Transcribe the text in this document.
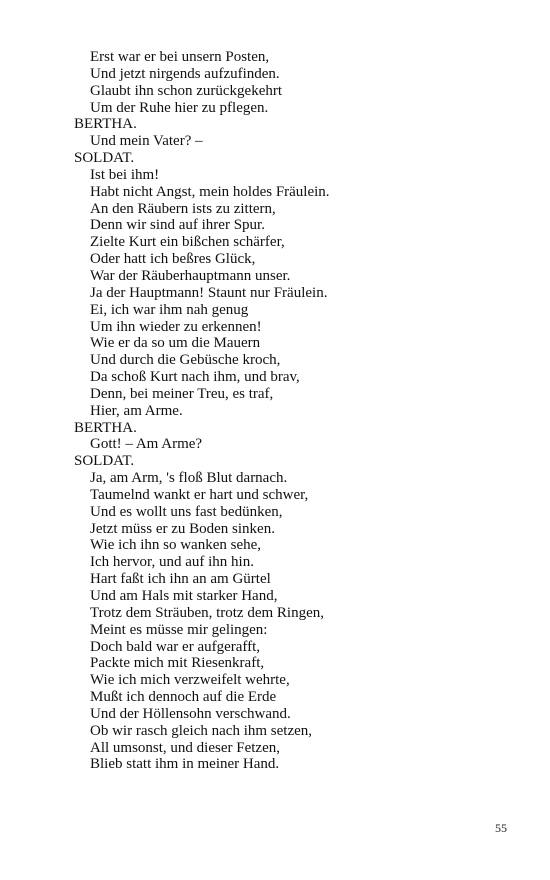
Erst war er bei unsern Posten,
Und jetzt nirgends aufzufinden.
Glaubt ihn schon zurückgekehrt
Um der Ruhe hier zu pflegen.
BERTHA.
Und mein Vater? –
SOLDAT.
Ist bei ihm!
Habt nicht Angst, mein holdes Fräulein.
An den Räubern ists zu zittern,
Denn wir sind auf ihrer Spur.
Zielte Kurt ein bißchen schärfer,
Oder hatt ich beßres Glück,
War der Räuberhauptmann unser.
Ja der Hauptmann! Staunt nur Fräulein.
Ei, ich war ihm nah genug
Um ihn wieder zu erkennen!
Wie er da so um die Mauern
Und durch die Gebüsche kroch,
Da schoß Kurt nach ihm, und brav,
Denn, bei meiner Treu, es traf,
Hier, am Arme.
BERTHA.
Gott! – Am Arme?
SOLDAT.
Ja, am Arm, 's floß Blut darnach.
Taumelnd wankt er hart und schwer,
Und es wollt uns fast bedünken,
Jetzt müss er zu Boden sinken.
Wie ich ihn so wanken sehe,
Ich hervor, und auf ihn hin.
Hart faßt ich ihn an am Gürtel
Und am Hals mit starker Hand,
Trotz dem Sträuben, trotz dem Ringen,
Meint es müsse mir gelingen:
Doch bald war er aufgerafft,
Packte mich mit Riesenkraft,
Wie ich mich verzweifelt wehrte,
Mußt ich dennoch auf die Erde
Und der Höllensohn verschwand.
Ob wir rasch gleich nach ihm setzen,
All umsonst, und dieser Fetzen,
Blieb statt ihm in meiner Hand.
55
